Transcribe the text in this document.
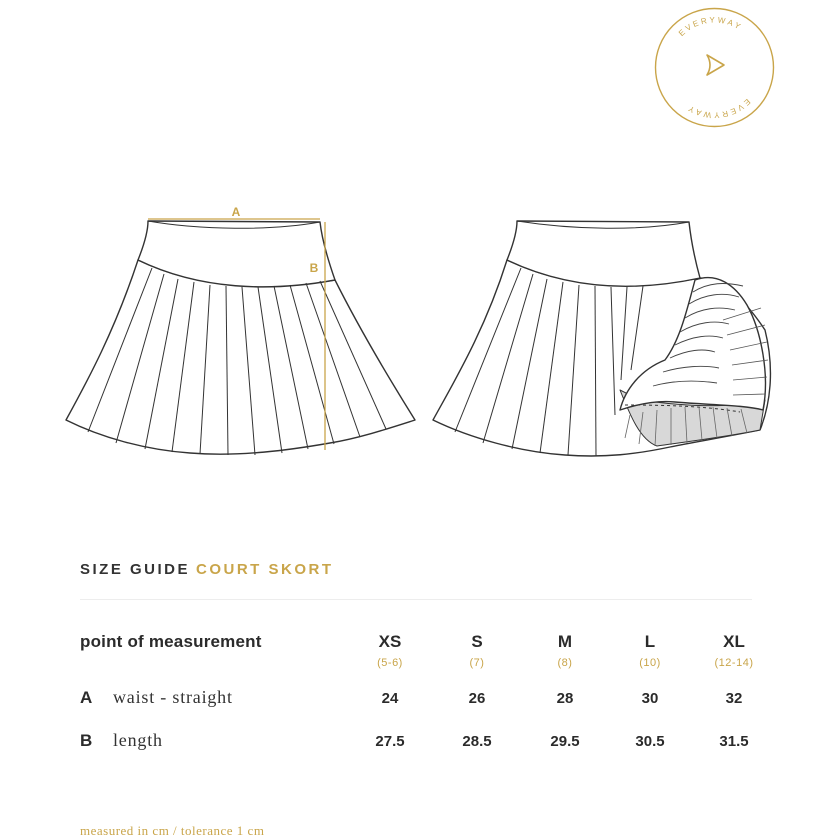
EVERYWAY
EVERYWAY
A
B
SIZE GUIDE COURT SKORT
point of measurement	XS	S	M	L	XL
(5-6)	(7)	(8)	(10)	(12-14)
A waist - straight	24	26	28	30	32
B length	27.5	28.5	29.5	30.5	31.5
measured in cm / tolerance 1 cm
